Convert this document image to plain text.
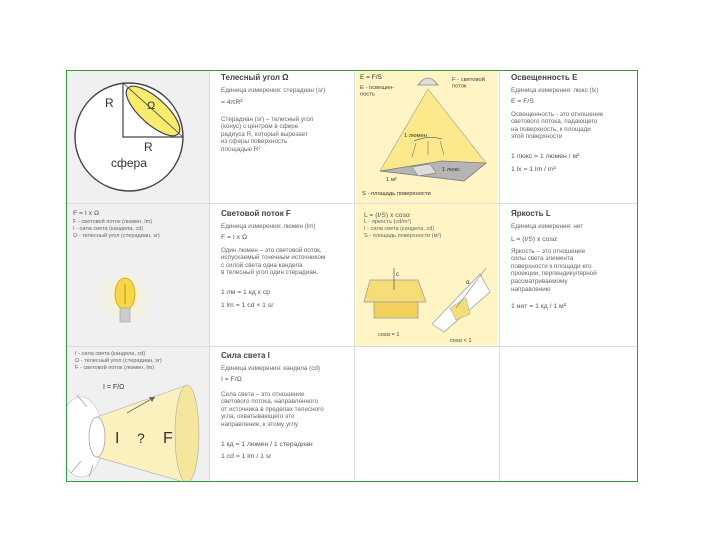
R	Ω
R
сфера

Телесный угол Ω

Единица измерения: стерадиан (sr)

= 4πR²

Стерадиан (sr) – телесный угол
(конус) с центром в сфере
радиуса R, который вырезает
из сферы поверхность
площадью R²

E = F/S
E - освещен-ность
F - световой поток
1 люмен
1 люкс
1 м²
S - площадь поверхности

Освещенность Е

Единица измерения: люкс (lx)

E = F/S

Освещенность - это отношение
светового потока, падающего
на поверхность, к площади
этой поверхности

1 люкс = 1 люмен / м²

1 lx = 1 lm / m²

F = I x Ω

F - световой поток (люмен, lm)

I - сила света (кандела, cd)

Ω - телесный угол (стерадиан, sr)

Световой поток F

Единица измерения: люмен (lm)

F = I x Ω

Один люмен – это световой поток,
испускаемый точечным источником
с силой света одна кандела
в телесный угол один стерадиан.

1 лм = 1 кд x ср

1 lm = 1 cd × 1 sr

L = (I/S) x cosα

L - яркость (cd/m²)

I - сила света (кандела, cd)

S - площадь поверхности (м²)

c
α
cosα = 1
cosα < 1

Яркость L

Единица измерения: нит

L = (I/S) x cosα

Яркость – это отношение
силы света элемента
поверхности к площади его
проекции, перпендикулярной
рассматриваемому
направлению

1 нит = 1 кд / 1 м²

I - сила света (кандела, cd)

Ω - телесный угол (стерадиан, sr)

F - световой поток (люмен, lm)

I = F/Ω
I ? F

Сила света I

Единица измерения: кандела (cd)

I = F/Ω

Сила света – это отношение
светового потока, направленного
от источника в пределах телесного
угла, охватывающего это
направление, к этому углу

1 кд = 1 люмен / 1 стерадиан

1 cd = 1 lm / 1 sr
